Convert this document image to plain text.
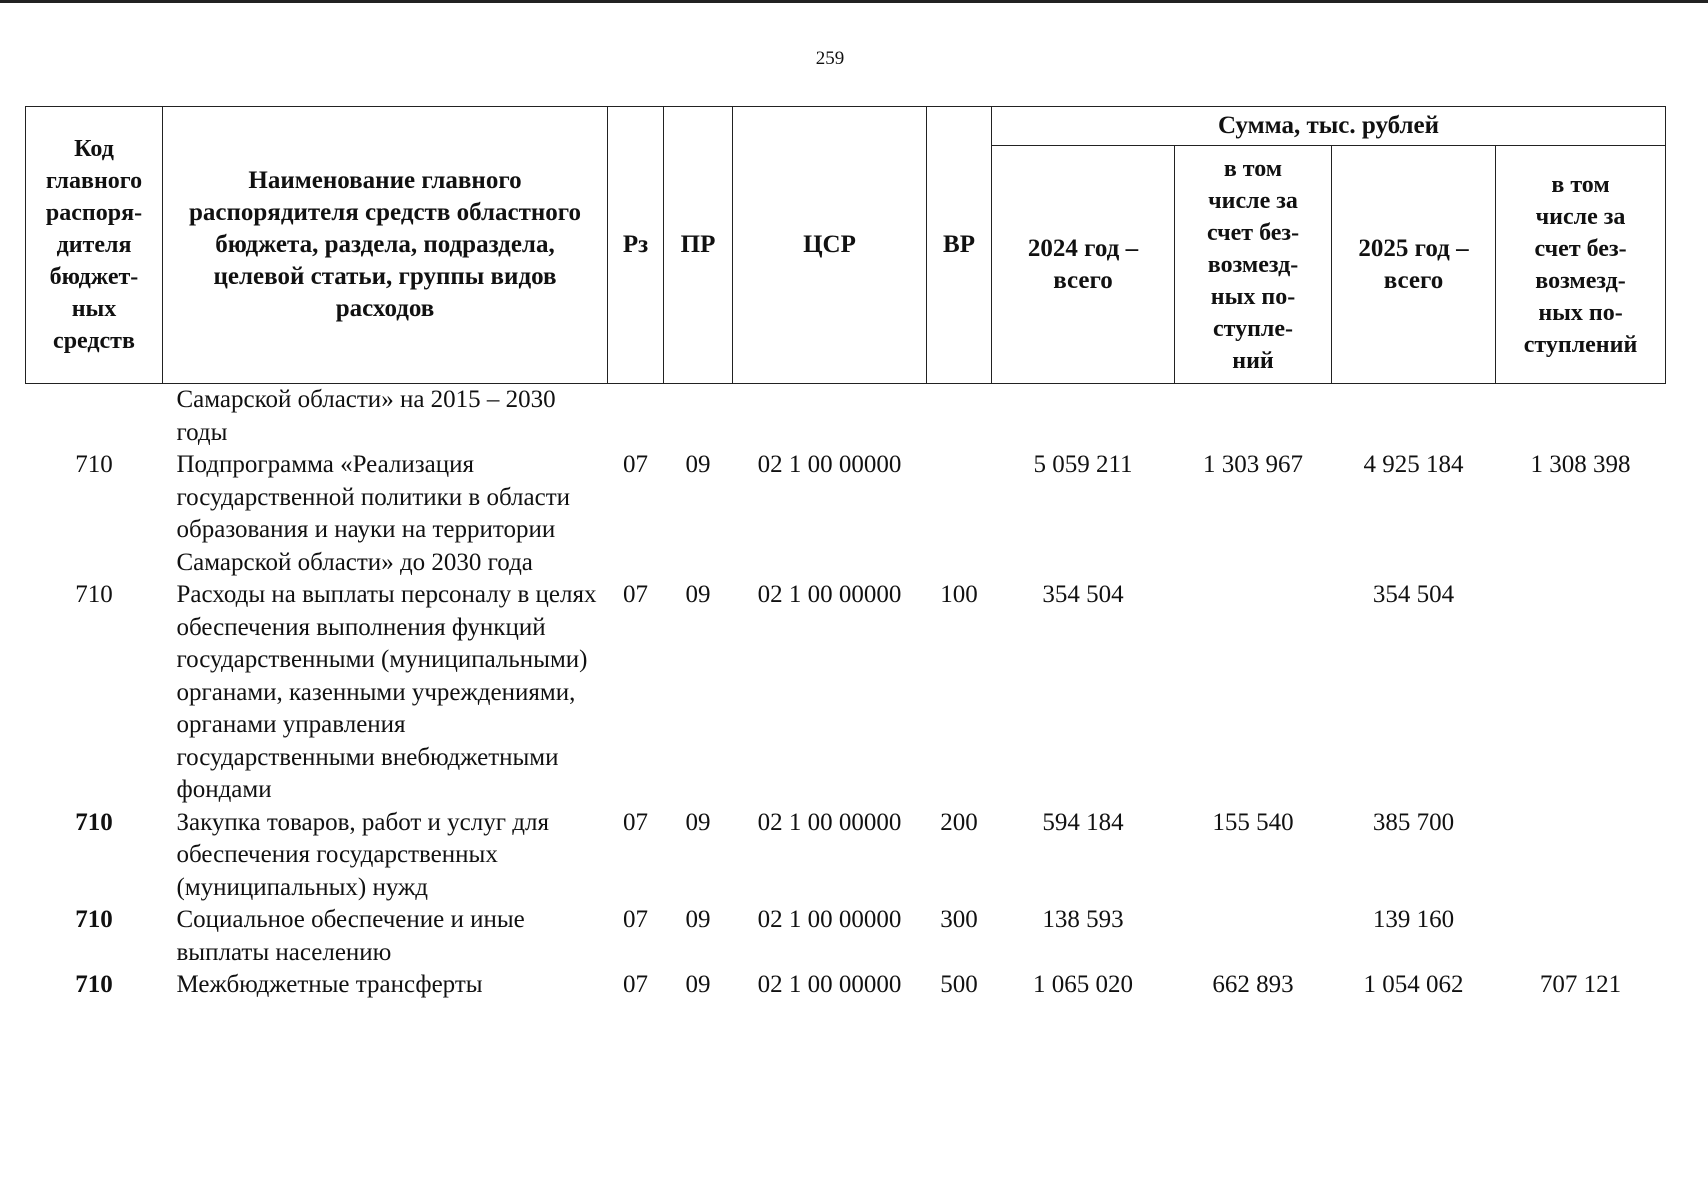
259
Код главного распоря-дителя бюджет-ных средств	Наименование главного распорядителя средств областного бюджета, раздела, подраздела, целевой статьи, группы видов расходов	Рз	ПР	ЦСР	ВР	Сумма, тыс. рублей			
						2024 год – всего	в том числе за счет без-возмезд-ных по-ступле-ний	2025 год – всего	в том числе за счет без-возмезд-ных по-ступлений
	Самарской области» на 2015 – 2030 годы								
710	Подпрограмма «Реализация государственной политики в области образования и науки на территории Самарской области» до 2030 года	07	09	02 1 00 00000		5 059 211	1 303 967	4 925 184	1 308 398
710	Расходы на выплаты персоналу в целях обеспечения выполнения функций государственными (муниципальными) органами, казенными учреждениями, органами управления государственными внебюджетными фондами	07	09	02 1 00 00000	100	354 504		354 504	
710	Закупка товаров, работ и услуг для обеспечения государственных (муниципальных) нужд	07	09	02 1 00 00000	200	594 184	155 540	385 700	
710	Социальное обеспечение и иные выплаты населению	07	09	02 1 00 00000	300	138 593		139 160	
710	Межбюджетные трансферты	07	09	02 1 00 00000	500	1 065 020	662 893	1 054 062	707 121
